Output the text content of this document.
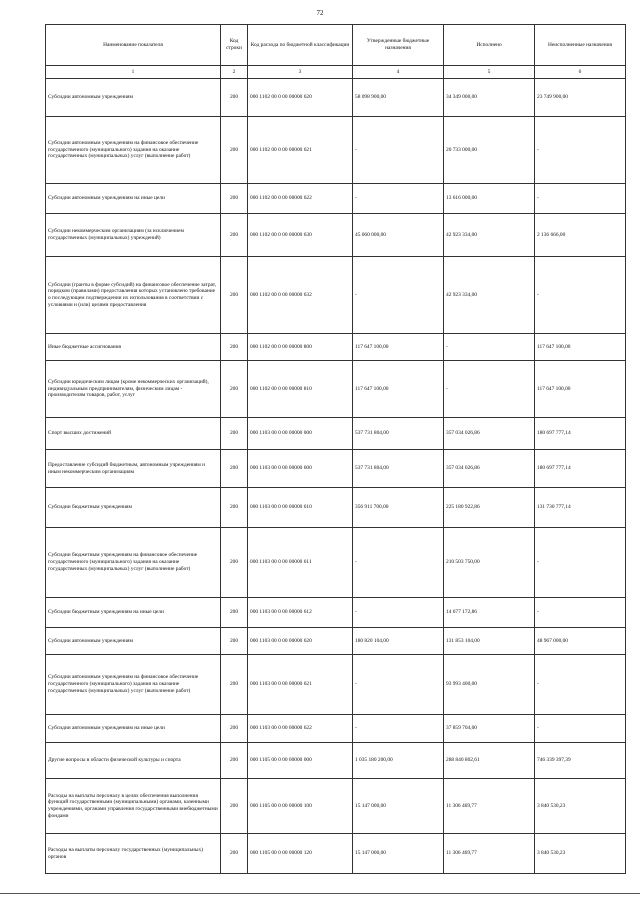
72
Наименование показателя	Код строки	Код расхода по бюджетной классификации	Утвержденные бюджетные назначения	Исполнено	Неисполненные назначения
1	2	3	4	5	6
Субсидии автономным учреждениям	200	000 1102 00 0 00 00000 620	58 098 900,00	34 349 000,00	23 749 900,00
Субсидии автономным учреждениям на финансовое обеспечение государственного (муниципального) задания на оказание государственных (муниципальных) услуг (выполнение работ)	200	000 1102 00 0 00 00000 621	-	20 733 000,00	-
Субсидии автономным учреждениям на иные цели	200	000 1102 00 0 00 00000 622	-	13 616 000,00	-
Субсидии некоммерческим организациям (за исключением государственных (муниципальных) учреждений)	200	000 1102 00 0 00 00000 630	45 060 000,00	42 923 334,00	2 136 666,00
Субсидии (гранты в форме субсидий) на финансовое обеспечение затрат, порядком (правилами) предоставления которых установлено требование о последующем подтверждении их использования в соответствии с условиями и (или) целями предоставления	200	000 1102 00 0 00 00000 632	-	42 923 334,00	-
Иные бюджетные ассигнования	200	000 1102 00 0 00 00000 800	117 647 100,00	-	117 647 100,00
Субсидии юридическим лицам (кроме некоммерческих организаций), индивидуальным предпринимателям, физическим лицам - производителям товаров, работ, услуг	200	000 1102 00 0 00 00000 810	117 647 100,00	-	117 647 100,00
Спорт высших достижений	200	000 1103 00 0 00 00000 000	537 731 804,00	357 034 026,86	180 697 777,14
Предоставление субсидий бюджетным, автономным учреждениям и иным некоммерческим организациям	200	000 1103 00 0 00 00000 600	537 731 804,00	357 034 026,86	180 697 777,14
Субсидии бюджетным учреждениям	200	000 1103 00 0 00 00000 610	356 911 700,00	225 180 922,86	131 730 777,14
Субсидии бюджетным учреждениям на финансовое обеспечение государственного (муниципального) задания на оказание государственных (муниципальных) услуг (выполнение работ)	200	000 1103 00 0 00 00000 611	-	210 503 750,00	-
Субсидии бюджетным учреждениям на иные цели	200	000 1103 00 0 00 00000 612	-	14 677 172,86	-
Субсидии автономным учреждениям	200	000 1103 00 0 00 00000 620	180 820 104,00	131 853 104,00	48 967 000,00
Субсидии автономным учреждениям на финансовое обеспечение государственного (муниципального) задания на оказание государственных (муниципальных) услуг (выполнение работ)	200	000 1103 00 0 00 00000 621	-	93 993 400,00	-
Субсидии автономным учреждениям на иные цели	200	000 1103 00 0 00 00000 622	-	37 859 704,00	-
Другие вопросы в области физической культуры и спорта	200	000 1105 00 0 00 00000 000	1 035 180 200,00	288 840 802,61	746 339 397,39
Расходы на выплаты персоналу в целях обеспечения выполнения функций государственными (муниципальными) органами, казенными учреждениями, органами управления государственными внебюджетными фондами	200	000 1105 00 0 00 00000 100	15 147 000,00	11 306 469,77	3 840 530,23
Расходы на выплаты персоналу государственных (муниципальных) органов	200	000 1105 00 0 00 00000 120	15 147 000,00	11 306 469,77	3 840 530,23
